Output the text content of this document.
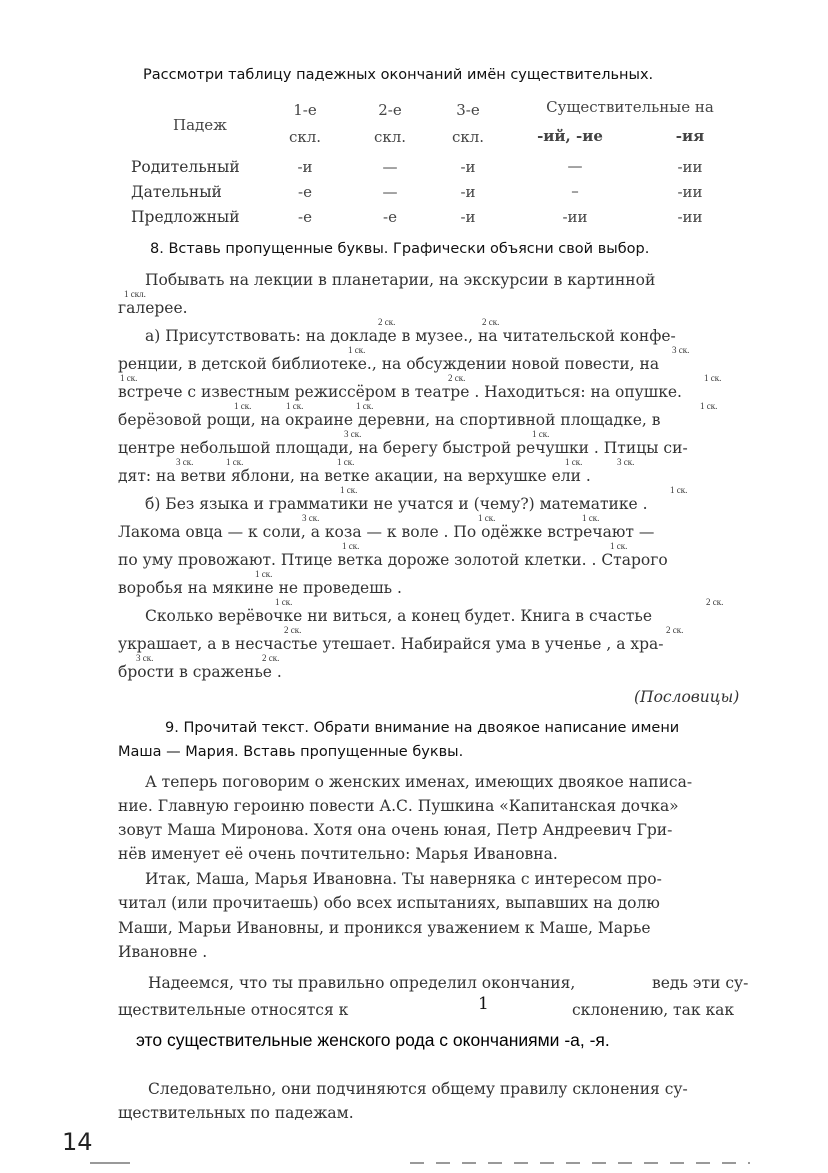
Рассмотри таблицу падежных окончаний имён существительных.
Падеж
1-е	2-е	3-е
скл.	скл.	скл.
Существительные на
-ий, -ие	-ия
Родительный	-и	—	-и	—	-ии
Дательный	-е	—	-и	–	-ии
Предложный	-е	-е	-и	-ии	-ии
8. Вставь пропущенные буквы. Графически объясни свой выбор.
Побывать на лекции в планетарии, на экскурсии в картинной
1 скл.
галерее.
2 ск.	2 ск.
а) Присутствовать: на докладе в музее., на читательской конфе-
1 ск.	3 ск.
ренции, в детской библиотеке., на обсуждении новой повести, на
1 ск.	2 ск.	1 ск.
встрече с известным режиссёром в театре . Находиться: на опушке.
1 ск.	1 ск.	1 ск.	1 ск.
берёзовой рощи, на окраине деревни, на спортивной площадке, в
3 ск.	1 ск.
центре небольшой площади, на берегу быстрой речушки . Птицы си-
3 ск.	1 ск.	1 ск.	1 ск.	3 ск.
дят: на ветви яблони, на ветке акации, на верхушке ели .
1 ск.	1 ск.
б) Без языка и грамматики не учатся и (чему?) математике .
3 ск.	1 ск.	1 ск.
Лакома овца — к соли, а коза — к воле . По одёжке встречают —
1 ск.	1 ск.
по уму провожают. Птице ветка дороже золотой клетки. . Старого
1 ск.
воробья на мякине не проведешь .
1 ск.	2 ск.
Сколько верёвочке ни виться, а конец будет. Книга в счастье
2 ск.	2 ск.
украшает, а в несчастье утешает. Набирайся ума в ученье , а хра-
3 ск.	2 ск.
брости в сраженье .
(Пословицы)
9. Прочитай текст. Обрати внимание на двоякое написание имени
Маша — Мария. Вставь пропущенные буквы.
А теперь поговорим о женских именах, имеющих двоякое написа-
ние. Главную героиню повести А.С. Пушкина «Капитанская дочка»
зовут Маша Миронова. Хотя она очень юная, Петр Андреевич Гри-
нёв именует её очень почтительно: Марья Ивановна.
Итак, Маша, Марья Ивановна. Ты наверняка с интересом про-
читал (или прочитаешь) обо всех испытаниях, выпавших на долю
Маши, Марьи Ивановны, и проникся уважением к Маше, Марье
Ивановне .
Надеемся, что ты правильно определил окончания,	ведь эти су-
ществительные относятся к	1	склонению, так как
это существительные женского рода с окончаниями -а, -я.
Следовательно, они подчиняются общему правилу склонения су-
ществительных по падежам.
14
